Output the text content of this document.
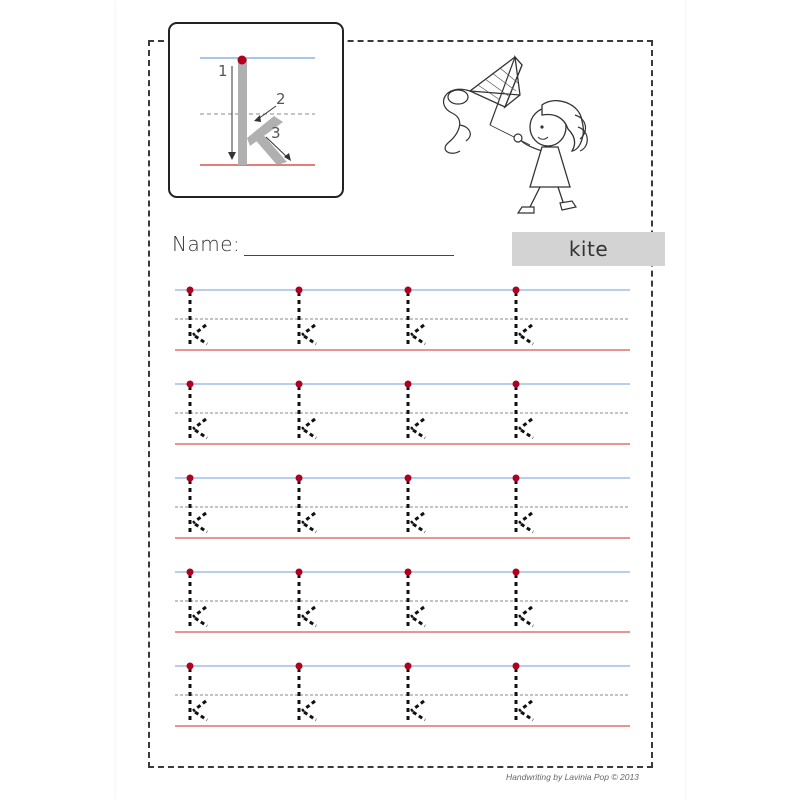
1
2
3
Name:	kite
Handwriting by Lavinia Pop © 2013
